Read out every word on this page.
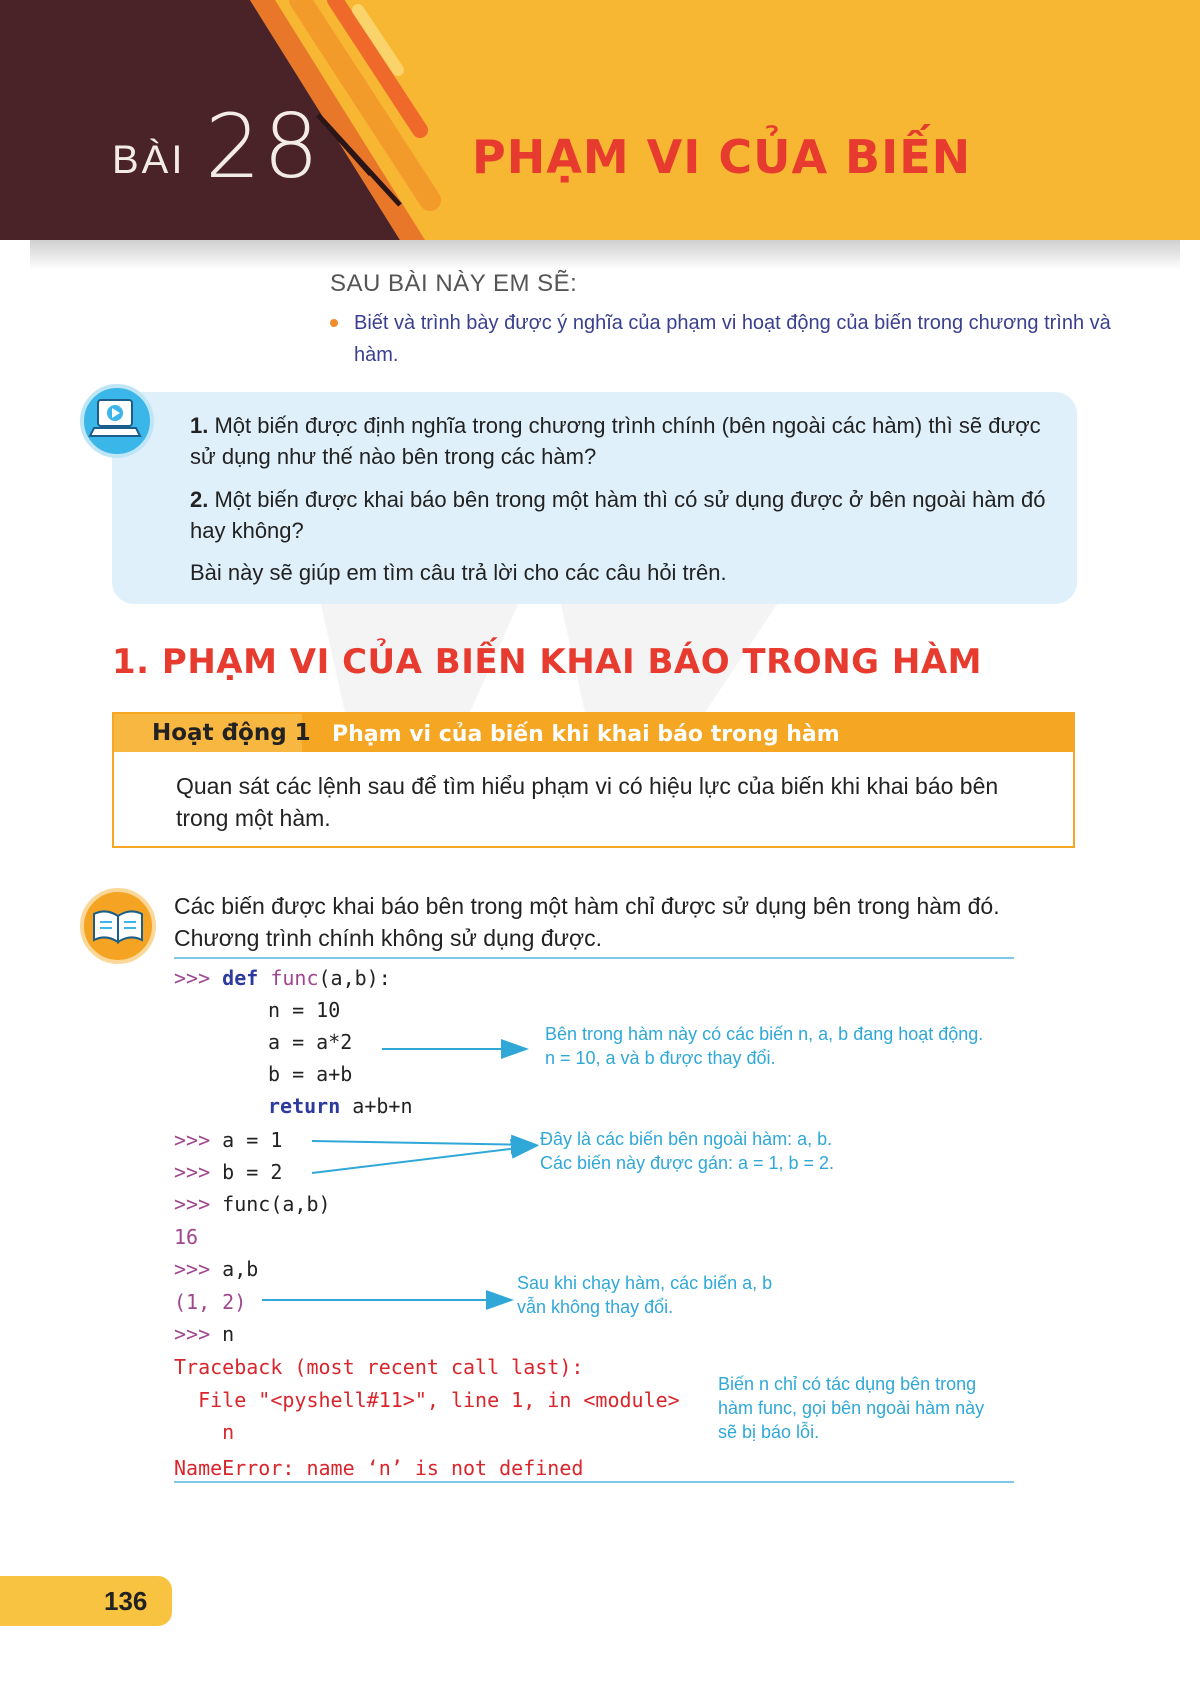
BÀI 28	PHẠM VI CỦA BIẾN
SAU BÀI NÀY EM SẼ:
Biết và trình bày được ý nghĩa của phạm vi hoạt động của biến trong chương trình và hàm.
1. Một biến được định nghĩa trong chương trình chính (bên ngoài các hàm) thì sẽ được sử dụng như thế nào bên trong các hàm?
2. Một biến được khai báo bên trong một hàm thì có sử dụng được ở bên ngoài hàm đó hay không?
Bài này sẽ giúp em tìm câu trả lời cho các câu hỏi trên.
1. PHẠM VI CỦA BIẾN KHAI BÁO TRONG HÀM
Hoạt động 1 Phạm vi của biến khi khai báo trong hàm
Quan sát các lệnh sau để tìm hiểu phạm vi có hiệu lực của biến khi khai báo bên trong một hàm.
Các biến được khai báo bên trong một hàm chỉ được sử dụng bên trong hàm đó. Chương trình chính không sử dụng được.
>>> def func(a,b):
n = 10
a = a*2
b = a+b
return a+b+n
>>> a = 1
>>> b = 2
>>> func(a,b)
16
>>> a,b
(1, 2)
>>> n
Traceback (most recent call last):
File "<pyshell#11>", line 1, in <module>
n
NameError: name ‘n’ is not defined
Bên trong hàm này có các biến n, a, b đang hoạt động.
n = 10, a và b được thay đổi.
Đây là các biến bên ngoài hàm: a, b.
Các biến này được gán: a = 1, b = 2.
Sau khi chạy hàm, các biến a, b
vẫn không thay đổi.
Biến n chỉ có tác dụng bên trong
hàm func, gọi bên ngoài hàm này
sẽ bị báo lỗi.
136
